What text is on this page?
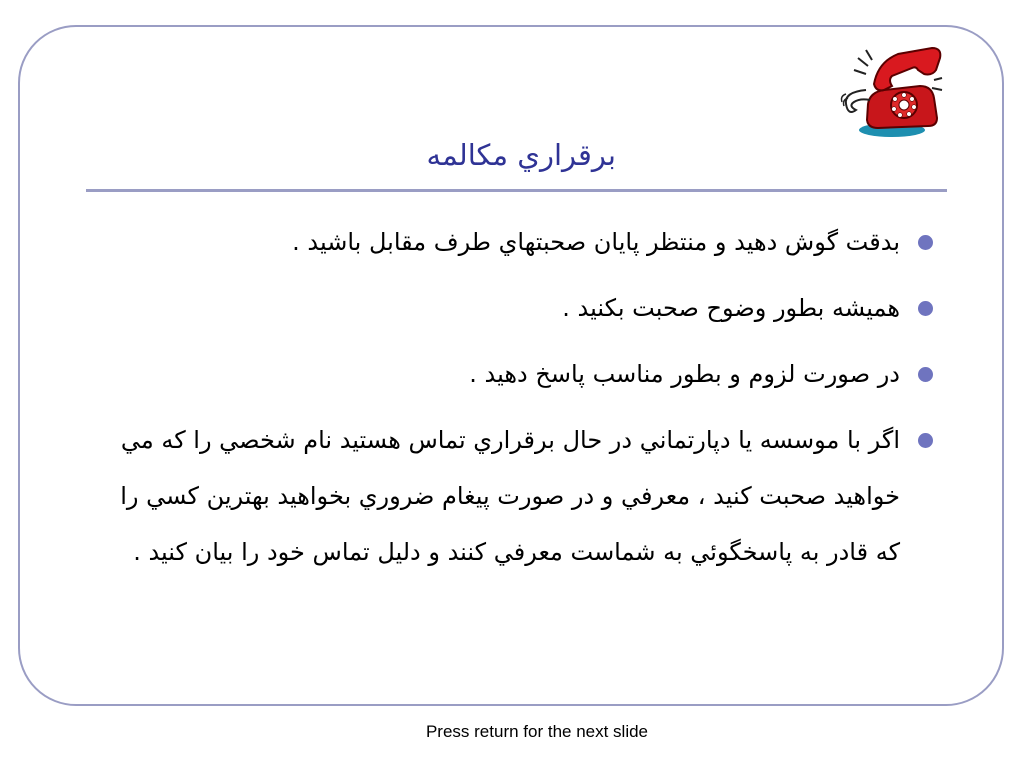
برقراري مكالمه
بدقت گوش دهيد و منتظر پايان صحبتهاي طرف مقابل باشيد .
هميشه بطور وضوح صحبت بكنيد .
در صورت لزوم و بطور مناسب پاسخ دهيد .
اگر با موسسه يا دپارتماني در حال برقراري تماس هستيد نام شخصي را كه مي خواهيد صحبت كنيد ، معرفي و در صورت پيغام ضروري بخواهيد بهترين كسي را كه قادر به پاسخگوئي به شماست معرفي كنند و دليل تماس خود را بيان كنيد .
Press return for the next slide
